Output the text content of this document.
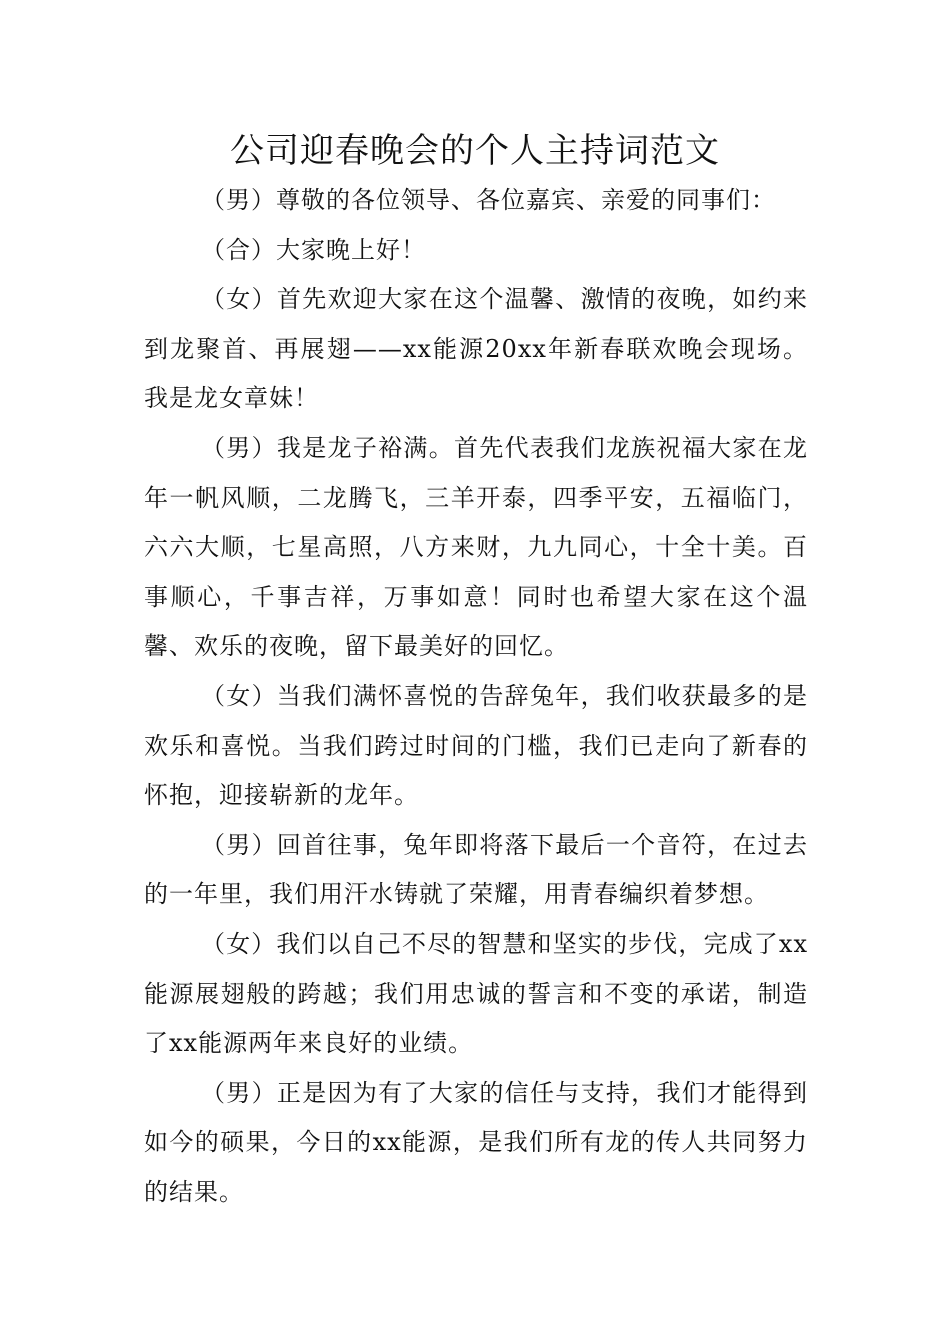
公司迎春晚会的个人主持词范文

（男）尊敬的各位领导、各位嘉宾、亲爱的同事们：

（合）大家晚上好！

（女）首先欢迎大家在这个温馨、激情的夜晚，如约来到龙聚首、再展翅——xx能源20xx年新春联欢晚会现场。我是龙女章妹！

（男）我是龙子裕满。首先代表我们龙族祝福大家在龙年一帆风顺，二龙腾飞，三羊开泰，四季平安，五福临门，六六大顺，七星高照，八方来财，九九同心，十全十美。百事顺心，千事吉祥，万事如意！同时也希望大家在这个温馨、欢乐的夜晚，留下最美好的回忆。

（女）当我们满怀喜悦的告辞兔年，我们收获最多的是欢乐和喜悦。当我们跨过时间的门槛，我们已走向了新春的怀抱，迎接崭新的龙年。

（男）回首往事，兔年即将落下最后一个音符，在过去的一年里，我们用汗水铸就了荣耀，用青春编织着梦想。

（女）我们以自己不尽的智慧和坚实的步伐，完成了xx能源展翅般的跨越；我们用忠诚的誓言和不变的承诺，制造了xx能源两年来良好的业绩。

（男）正是因为有了大家的信任与支持，我们才能得到如今的硕果，今日的xx能源，是我们所有龙的传人共同努力的结果。
